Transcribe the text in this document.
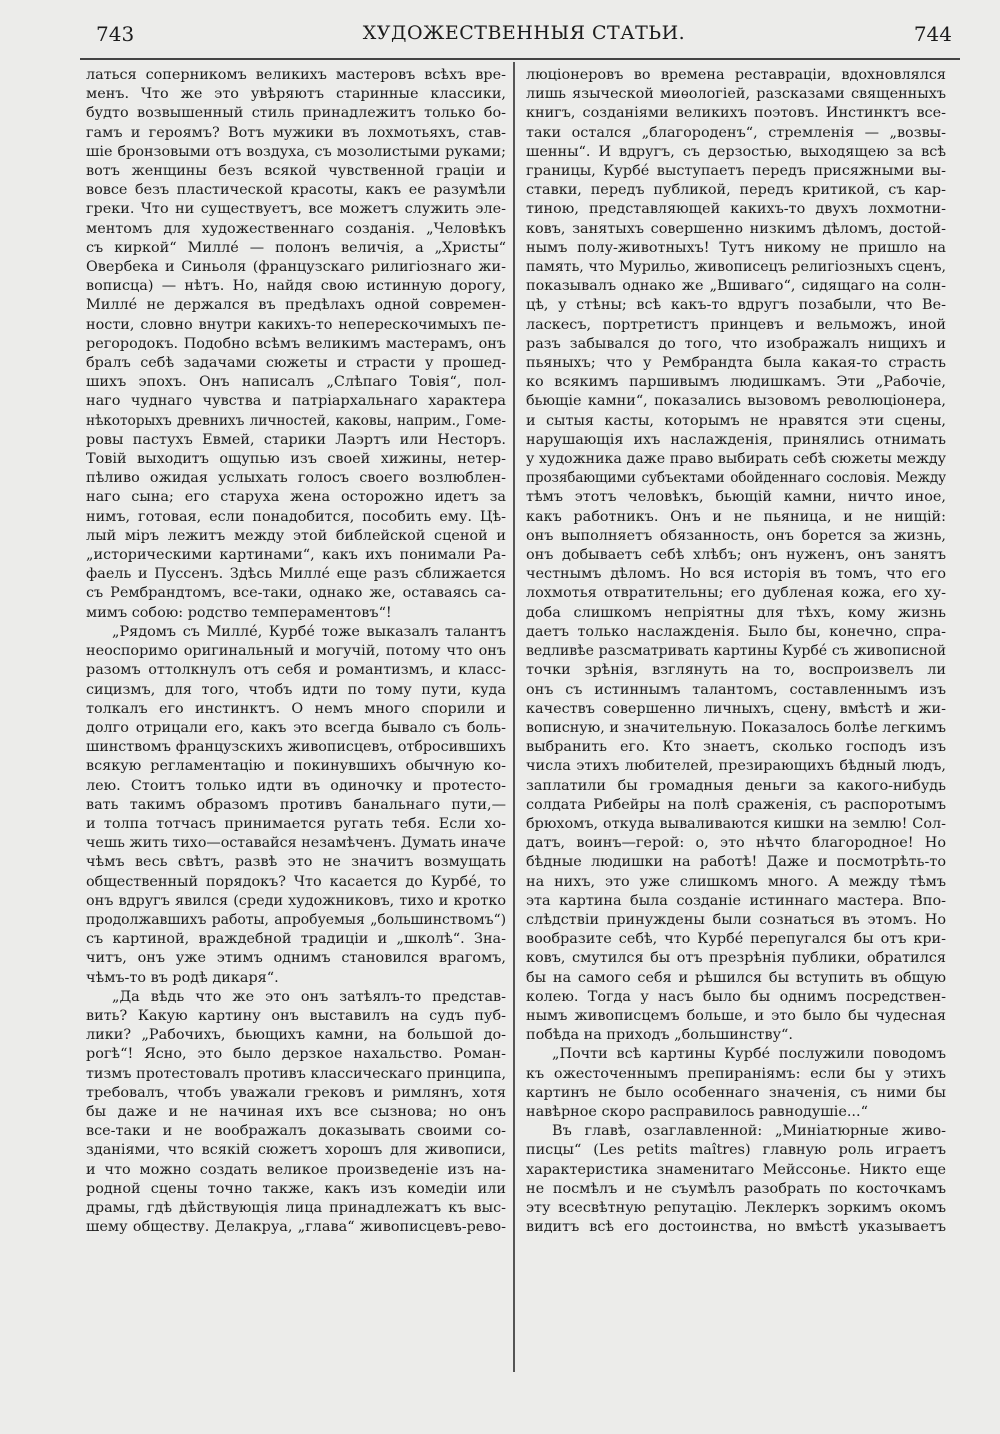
743	ХУДОЖЕСТВЕННЫЯ СТАТЬИ.	744
латься соперникомъ великихъ мастеровъ всѣхъ вре-
менъ. Что же это увѣряютъ старинные классики,
будто возвышенный стиль принадлежитъ только бо-
гамъ и героямъ? Вотъ мужики въ лохмотьяхъ, став-
шіе бронзовыми отъ воздуха, съ мозолистыми руками;
вотъ женщины безъ всякой чувственной граціи и
вовсе безъ пластической красоты, какъ ее разумѣли
греки. Что ни существуетъ, все можетъ служить эле-
ментомъ для художественнаго созданія. „Человѣкъ
съ киркой“ Миллé — полонъ величія, а „Христы“
Овербека и Синьоля (французскаго рилигіознаго жи-
вописца) — нѣтъ. Но, найдя свою истинную дорогу,
Миллé не держался въ предѣлахъ одной современ-
ности, словно внутри какихъ-то неперескочимыхъ пе-
регородокъ. Подобно всѣмъ великимъ мастерамъ, онъ
бралъ себѣ задачами сюжеты и страсти у прошед-
шихъ эпохъ. Онъ написалъ „Слѣпаго Товія“, пол-
наго чуднаго чувства и патріархальнаго характера
нѣкоторыхъ древнихъ личностей, каковы, наприм., Гоме-
ровы пастухъ Евмей, старики Лаэртъ или Несторъ.
Товій выходитъ ощупью изъ своей хижины, нетер-
пѣливо ожидая услыхать голосъ своего возлюблен-
наго сына; его старуха жена осторожно идетъ за
нимъ, готовая, если понадобится, пособить ему. Цѣ-
лый міръ лежитъ между этой библейской сценой и
„историческими картинами“, какъ ихъ понимали Ра-
фаель и Пуссенъ. Здѣсь Миллé еще разъ сближается
съ Рембрандтомъ, все-таки, однако же, оставаясь са-
мимъ собою: родство темпераментовъ“!
„Рядомъ съ Миллé, Курбé тоже выказалъ талантъ
неоспоримо оригинальный и могучій, потому что онъ
разомъ оттолкнулъ отъ себя и романтизмъ, и класс-
сицизмъ, для того, чтобъ идти по тому пути, куда
толкалъ его инстинктъ. О немъ много спорили и
долго отрицали его, какъ это всегда бывало съ боль-
шинствомъ французскихъ живописцевъ, отбросившихъ
всякую регламентацію и покинувшихъ обычную ко-
лею. Стоитъ только идти въ одиночку и протесто-
вать такимъ образомъ противъ банальнаго пути,—
и толпа тотчасъ принимается ругать тебя. Если хо-
чешь жить тихо—оставайся незамѣченъ. Думать иначе
чѣмъ весь свѣтъ, развѣ это не значитъ возмущать
общественный порядокъ? Что касается до Курбé, то
онъ вдругъ явился (среди художниковъ, тихо и кротко
продолжавшихъ работы, апробуемыя „большинствомъ“)
съ картиной, враждебной традиціи и „школѣ“. Зна-
читъ, онъ уже этимъ однимъ становился врагомъ,
чѣмъ-то въ родѣ дикаря“.
„Да вѣдь что же это онъ затѣялъ-то представ-
вить? Какую картину онъ выставилъ на судъ пуб-
лики? „Рабочихъ, бьющихъ камни, на большой до-
рогѣ“! Ясно, это было дерзкое нахальство. Роман-
тизмъ протестовалъ противъ классическаго принципа,
требовалъ, чтобъ уважали грековъ и римлянъ, хотя
бы даже и не начиная ихъ все сызнова; но онъ
все-таки и не воображалъ доказывать своими со-
зданіями, что всякій сюжетъ хорошъ для живописи,
и что можно создать великое произведеніе изъ на-
родной сцены точно также, какъ изъ комедіи или
драмы, гдѣ дѣйствующія лица принадлежатъ къ выс-
шему обществу. Делакруа, „глава“ живописцевъ-рево-
люціонеровъ во времена реставраціи, вдохновлялся
лишь языческой миѳологіей, разсказами священныхъ
книгъ, созданіями великихъ поэтовъ. Инстинктъ все-
таки остался „благороденъ“, стремленія — „возвы-
шенны“. И вдругъ, съ дерзостью, выходящею за всѣ
границы, Курбé выступаетъ передъ присяжными вы-
ставки, передъ публикой, передъ критикой, съ кар-
тиною, представляющей какихъ-то двухъ лохмотни-
ковъ, занятыхъ совершенно низкимъ дѣломъ, достой-
нымъ полу-животныхъ! Тутъ никому не пришло на
память, что Мурильо, живописецъ религіозныхъ сценъ,
показывалъ однако же „Вшиваго“, сидящаго на солн-
цѣ, у стѣны; всѣ какъ-то вдругъ позабыли, что Ве-
ласкесъ, портретистъ принцевъ и вельможъ, иной
разъ забывался до того, что изображалъ нищихъ и
пьяныхъ; что у Рембрандта была какая-то страсть
ко всякимъ паршивымъ людишкамъ. Эти „Рабочіе,
бьющіе камни“, показались вызовомъ революціонера,
и сытыя касты, которымъ не нравятся эти сцены,
нарушающія ихъ наслажденія, принялись отнимать
у художника даже право выбирать себѣ сюжеты между
прозябающими субъектами обойденнаго сословія. Между
тѣмъ этотъ человѣкъ, бьющій камни, ничто иное,
какъ работникъ. Онъ и не пьяница, и не нищій:
онъ выполняетъ обязанность, онъ борется за жизнь,
онъ добываетъ себѣ хлѣбъ; онъ нуженъ, онъ занятъ
честнымъ дѣломъ. Но вся исторія въ томъ, что его
лохмотья отвратительны; его дубленая кожа, его ху-
доба слишкомъ непріятны для тѣхъ, кому жизнь
даетъ только наслажденія. Было бы, конечно, спра-
ведливѣе разсматривать картины Курбé съ живописной
точки зрѣнія, взглянуть на то, воспроизвелъ ли
онъ съ истиннымъ талантомъ, составленнымъ изъ
качествъ совершенно личныхъ, сцену, вмѣстѣ и жи-
вописную, и значительную. Показалось болѣе легкимъ
выбранить его. Кто знаетъ, сколько господъ изъ
числа этихъ любителей, презирающихъ бѣдный людъ,
заплатили бы громадныя деньги за какого-нибудь
солдата Рибейры на полѣ сраженія, съ распоротымъ
брюхомъ, откуда вываливаются кишки на землю! Сол-
датъ, воинъ—герой: о, это нѣчто благородное! Но
бѣдные людишки на работѣ! Даже и посмотрѣть-то
на нихъ, это уже слишкомъ много. А между тѣмъ
эта картина была созданіе истиннаго мастера. Впо-
слѣдствіи принуждены были сознаться въ этомъ. Но
вообразите себѣ, что Курбé перепугался бы отъ кри-
ковъ, смутился бы отъ презрѣнія публики, обратился
бы на самого себя и рѣшился бы вступить въ общую
колею. Тогда у насъ было бы однимъ посредствен-
нымъ живописцемъ больше, и это было бы чудесная
побѣда на приходъ „большинству“.
„Почти всѣ картины Курбé послужили поводомъ
къ ожесточеннымъ препираніямъ: если бы у этихъ
картинъ не было особеннаго значенія, съ ними бы
навѣрное скоро расправилось равнодушіе...“
Въ главѣ, озаглавленной: „Миніатюрные живо-
писцы“ (Les petits maîtres) главную роль играетъ
характеристика знаменитаго Мейссонье. Никто еще
не посмѣлъ и не съумѣлъ разобрать по косточкамъ
эту всесвѣтную репутацію. Леклеркъ зоркимъ окомъ
видитъ всѣ его достоинства, но вмѣстѣ указываетъ
